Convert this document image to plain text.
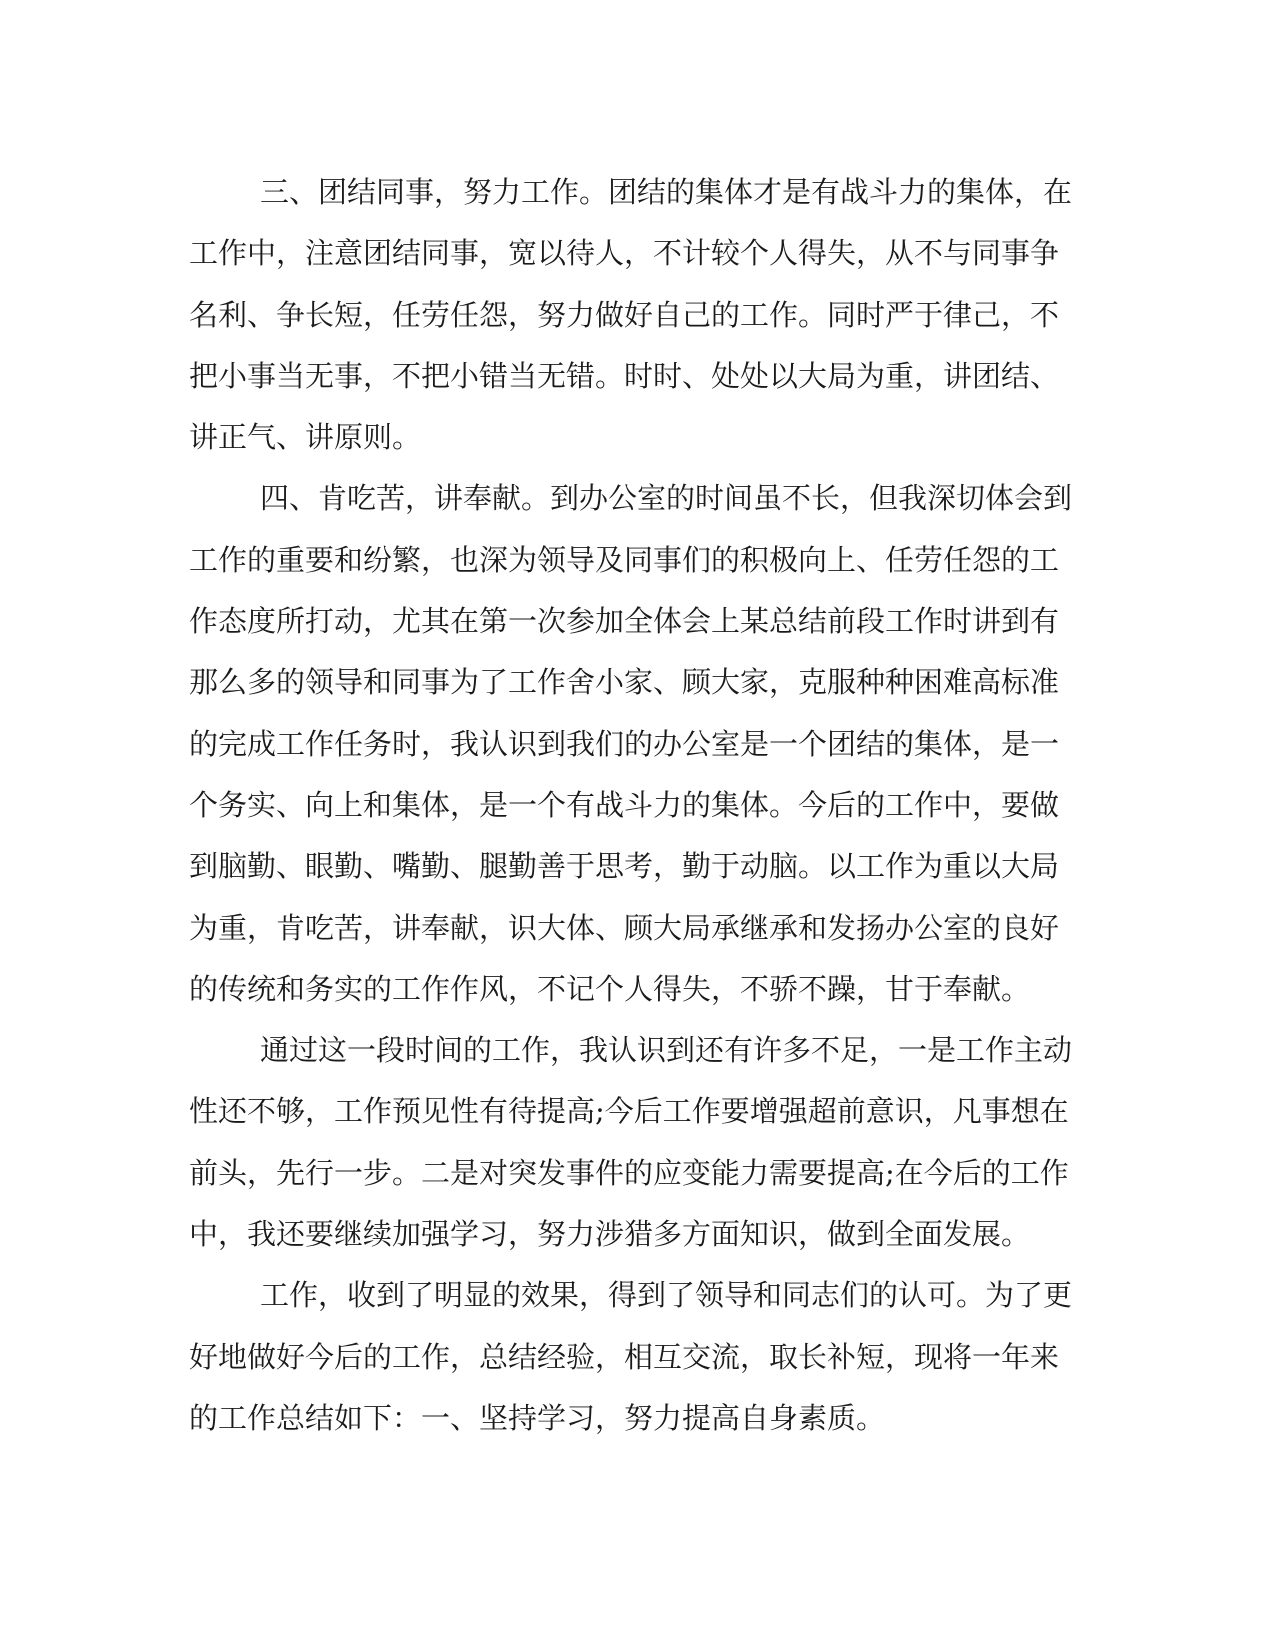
三、团结同事，努力工作。团结的集体才是有战斗力的集体，在
工作中，注意团结同事，宽以待人，不计较个人得失，从不与同事争
名利、争长短，任劳任怨，努力做好自己的工作。同时严于律己，不
把小事当无事，不把小错当无错。时时、处处以大局为重，讲团结、
讲正气、讲原则。
四、肯吃苦，讲奉献。到办公室的时间虽不长，但我深切体会到
工作的重要和纷繁，也深为领导及同事们的积极向上、任劳任怨的工
作态度所打动，尤其在第一次参加全体会上某总结前段工作时讲到有
那么多的领导和同事为了工作舍小家、顾大家，克服种种困难高标准
的完成工作任务时，我认识到我们的办公室是一个团结的集体，是一
个务实、向上和集体，是一个有战斗力的集体。今后的工作中，要做
到脑勤、眼勤、嘴勤、腿勤善于思考，勤于动脑。以工作为重以大局
为重，肯吃苦，讲奉献，识大体、顾大局承继承和发扬办公室的良好
的传统和务实的工作作风，不记个人得失，不骄不躁，甘于奉献。
通过这一段时间的工作，我认识到还有许多不足，一是工作主动
性还不够，工作预见性有待提高;今后工作要增强超前意识，凡事想在
前头，先行一步。二是对突发事件的应变能力需要提高;在今后的工作
中，我还要继续加强学习，努力涉猎多方面知识，做到全面发展。
工作，收到了明显的效果，得到了领导和同志们的认可。为了更
好地做好今后的工作，总结经验，相互交流，取长补短，现将一年来
的工作总结如下：一、坚持学习，努力提高自身素质。
